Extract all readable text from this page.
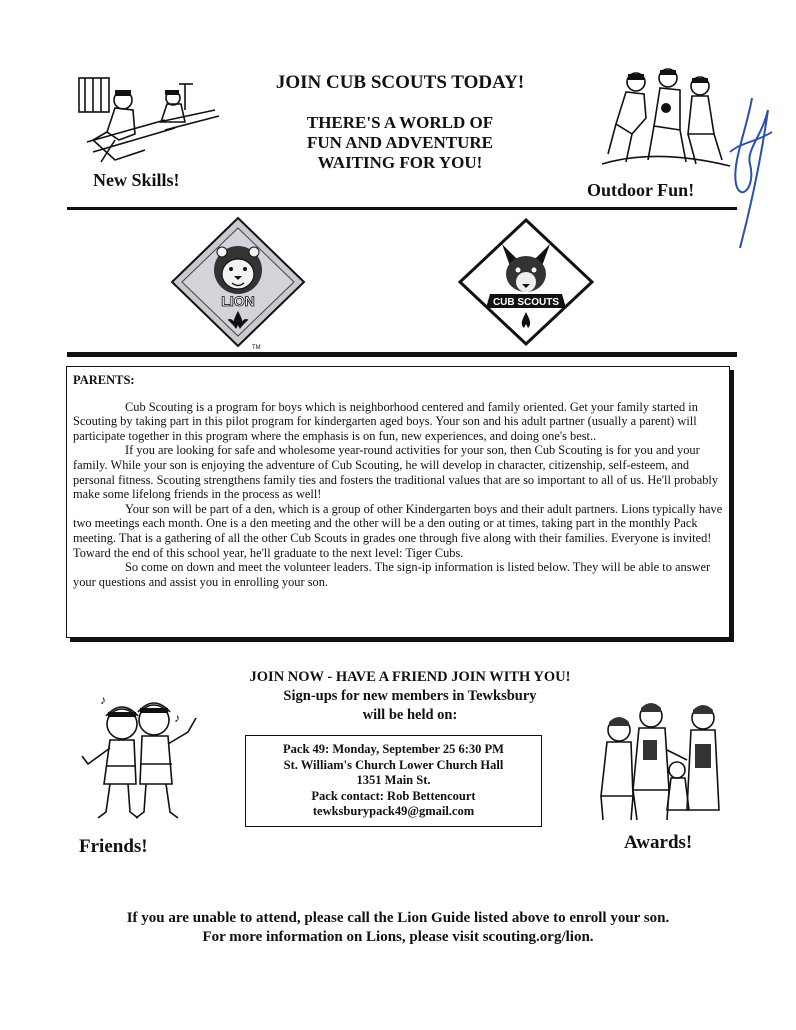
JOIN CUB SCOUTS TODAY!
THERE'S A WORLD OF
FUN AND ADVENTURE
WAITING FOR YOU!
New Skills!	Outdoor Fun!
LION
TM
CUB SCOUTS
PARENTS:

Cub Scouting is a program for boys which is neighborhood centered and family oriented. Get your family started in Scouting by taking part in this pilot program for kindergarten aged boys. Your son and his adult partner (usually a parent) will participate together in this program where the emphasis is on fun, new experiences, and doing one's best..

If you are looking for safe and wholesome year-round activities for your son, then Cub Scouting is for you and your family. While your son is enjoying the adventure of Cub Scouting, he will develop in character, citizenship, self-esteem, and personal fitness. Scouting strengthens family ties and fosters the traditional values that are so important to all of us. He'll probably make some lifelong friends in the process as well!

Your son will be part of a den, which is a group of other Kindergarten boys and their adult partners. Lions typically have two meetings each month. One is a den meeting and the other will be a den outing or at times, taking part in the monthly Pack meeting. That is a gathering of all the other Cub Scouts in grades one through five along with their families. Everyone is invited! Toward the end of this school year, he'll graduate to the next level: Tiger Cubs.

So come on down and meet the volunteer leaders. The sign-ip information is listed below. They will be able to answer your questions and assist you in enrolling your son.

JOIN NOW - HAVE A FRIEND JOIN WITH YOU!
Sign-ups for new members in Tewksbury
will be held on:
Pack 49: Monday, September 25 6:30 PM
St. William's Church Lower Church Hall
1351 Main St.
Pack contact: Rob Bettencourt
tewksburypack49@gmail.com
♪
♪
Friends!	Awards!
If you are unable to attend, please call the Lion Guide listed above to enroll your son.
For more information on Lions, please visit scouting.org/lion.
